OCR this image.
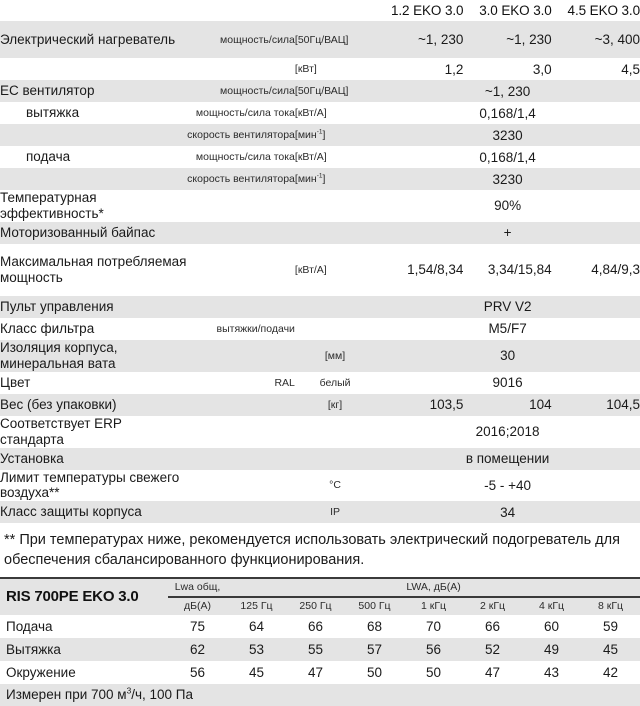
			1.2 EKO 3.0	3.0 EKO 3.0	4.5 EKO 3.0
Электрический нагреватель	мощность/сила	[50Гц/ВАЦ]	~1, 230	~1, 230	~3, 400
		[кВт]	1,2	3,0	4,5
ЕС вентилятор	мощность/сила	[50Гц/ВАЦ]	~1, 230		
вытяжка	мощность/сила тока	[кВт/А]	0,168/1,4		
	скорость вентилятора	[мин$^{-1}$]	3230		
подача	мощность/сила тока	[кВт/А]	0,168/1,4		
	скорость вентилятора	[мин$^{-1}$]	3230		
Температурная эффективность*			90%		
Моторизованный байпас			+		
Максимальная потребляемая мощность		[кВт/А]	1,54/8,34	3,34/15,84	4,84/9,3
Пульт управления			PRV V2		
Класс фильтра	вытяжки/подачи		M5/F7		
Изоляция корпуса, минеральная вата		[мм]	30		
Цвет	RAL	белый	9016		
Вес (без упаковки)		[кг]	103,5	104	104,5
Соответствует ERP стандарта			2016;2018		
Установка			в помещении		
Лимит температуры свежего воздуха**		°C	-5 - +40		
Класс защиты корпуса		IP	34		
** При температурах ниже, рекомендуется использовать электрический подогреватель для обеспечения сбалансированного функционирования.
RIS 700PE EKO 3.0	Lwa общ,	LWA, дБ(А)						
	дБ(А)	125 Гц	250 Гц	500 Гц	1 кГц	2 кГц	4 кГц	8 кГц
Подача	75	64	66	68	70	66	60	59
Вытяжка	62	53	55	57	56	52	49	45
Окружение	56	45	47	50	50	47	43	42
Измерен при 700 $м^3/ч$, 100 Па								
